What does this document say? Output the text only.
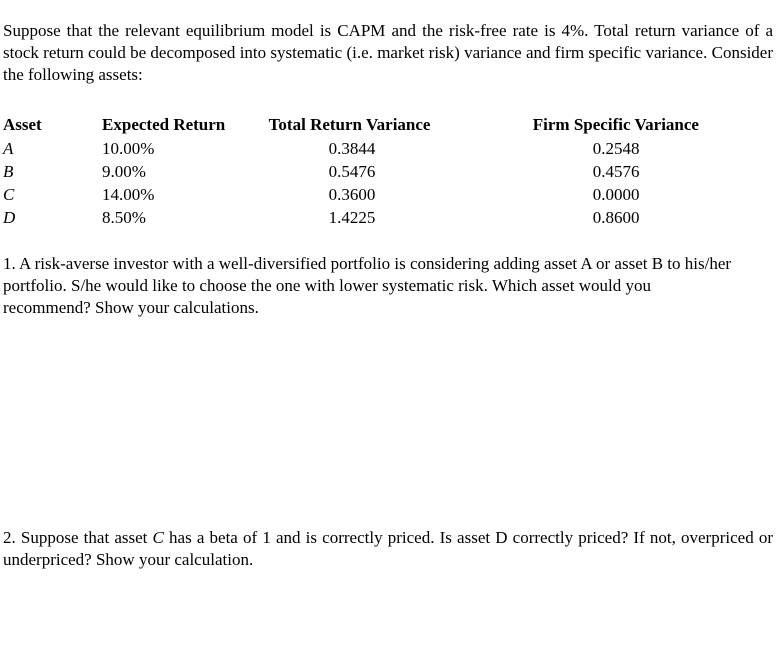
Suppose that the relevant equilibrium model is CAPM and the risk-free rate is 4%. Total return variance of a stock return could be decomposed into systematic (i.e. market risk) variance and firm specific variance. Consider the following assets:

Asset	Expected Return	Total Return Variance	Firm Specific Variance
A	10.00%	0.3844	0.2548
B	9.00%	0.5476	0.4576
C	14.00%	0.3600	0.0000
D	8.50%	1.4225	0.8600

1. A risk-averse investor with a well-diversified portfolio is considering adding asset A or asset B to his/her portfolio. S/he would like to choose the one with lower systematic risk. Which asset would you recommend? Show your calculations.

2. Suppose that asset C has a beta of 1 and is correctly priced. Is asset D correctly priced? If not, overpriced or underpriced? Show your calculation.
